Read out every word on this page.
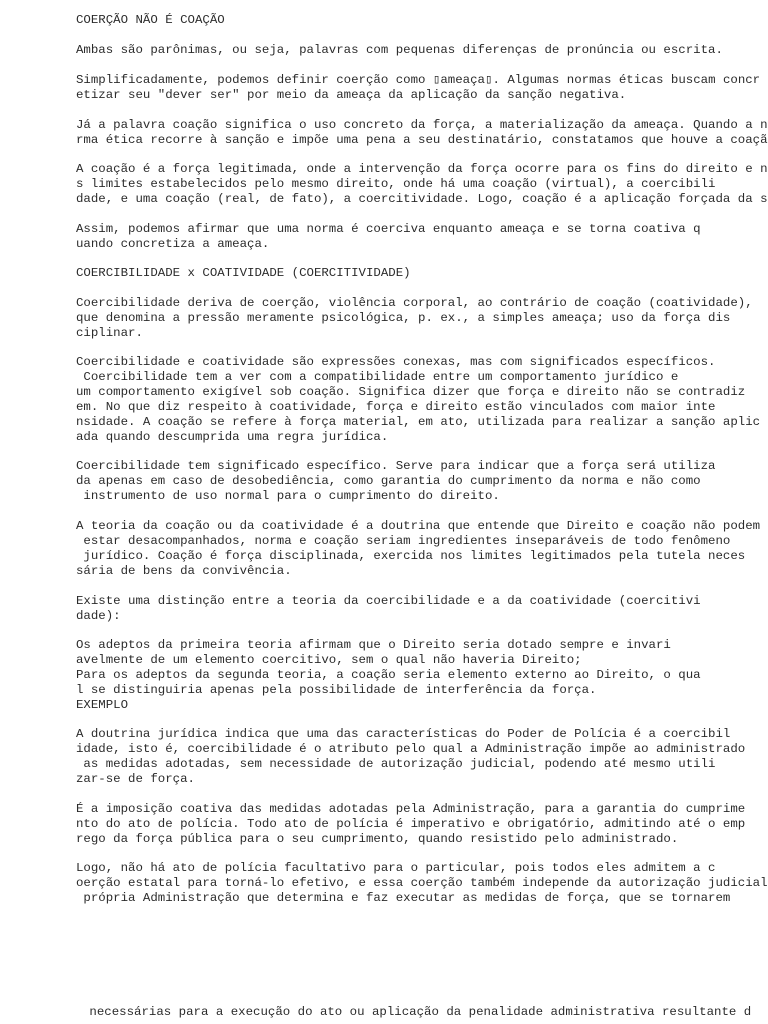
COERÇÃO NÃO É COAÇÃO
Ambas são parônimas, ou seja, palavras com pequenas diferenças de pronúncia ou escrita.
Simplificadamente, podemos definir coerção como ▯ameaça▯. Algumas normas éticas buscam concr
etizar seu "dever ser" por meio da ameaça da aplicação da sanção negativa.
Já a palavra coação significa o uso concreto da força, a materialização da ameaça. Quando a n
rma ética recorre à sanção e impõe uma pena a seu destinatário, constatamos que houve a coaçã
A coação é a força legitimada, onde a intervenção da força ocorre para os fins do direito e n
s limites estabelecidos pelo mesmo direito, onde há uma coação (virtual), a coercibili
dade, e uma coação (real, de fato), a coercitividade. Logo, coação é a aplicação forçada da s
Assim, podemos afirmar que uma norma é coerciva enquanto ameaça e se torna coativa q
uando concretiza a ameaça.
COERCIBILIDADE x COATIVIDADE (COERCITIVIDADE)
Coercibilidade deriva de coerção, violência corporal, ao contrário de coação (coatividade),
que denomina a pressão meramente psicológica, p. ex., a simples ameaça; uso da força dis
ciplinar.
Coercibilidade e coatividade são expressões conexas, mas com significados específicos.
Coercibilidade tem a ver com a compatibilidade entre um comportamento jurídico e
um comportamento exigível sob coação. Significa dizer que força e direito não se contradiz
em. No que diz respeito à coatividade, força e direito estão vinculados com maior inte
nsidade. A coação se refere à força material, em ato, utilizada para realizar a sanção aplic
ada quando descumprida uma regra jurídica.
Coercibilidade tem significado específico. Serve para indicar que a força será utiliza
da apenas em caso de desobediência, como garantia do cumprimento da norma e não como
instrumento de uso normal para o cumprimento do direito.
A teoria da coação ou da coatividade é a doutrina que entende que Direito e coação não podem
estar desacompanhados, norma e coação seriam ingredientes inseparáveis de todo fenômeno
jurídico. Coação é força disciplinada, exercida nos limites legitimados pela tutela neces
sária de bens da convivência.
Existe uma distinção entre a teoria da coercibilidade e a da coatividade (coercitivi
dade):
Os adeptos da primeira teoria afirmam que o Direito seria dotado sempre e invari
avelmente de um elemento coercitivo, sem o qual não haveria Direito;
Para os adeptos da segunda teoria, a coação seria elemento externo ao Direito, o qua
l se distinguiria apenas pela possibilidade de interferência da força.
EXEMPLO
A doutrina jurídica indica que uma das características do Poder de Polícia é a coercibil
idade, isto é, coercibilidade é o atributo pelo qual a Administração impõe ao administrado
as medidas adotadas, sem necessidade de autorização judicial, podendo até mesmo utili
zar-se de força.
É a imposição coativa das medidas adotadas pela Administração, para a garantia do cumprime
nto do ato de polícia. Todo ato de polícia é imperativo e obrigatório, admitindo até o emp
rego da força pública para o seu cumprimento, quando resistido pelo administrado.
Logo, não há ato de polícia facultativo para o particular, pois todos eles admitem a c
oerção estatal para torná-lo efetivo, e essa coerção também independe da autorização judicial
própria Administração que determina e faz executar as medidas de força, que se tornarem
necessárias para a execução do ato ou aplicação da penalidade administrativa resultante d
